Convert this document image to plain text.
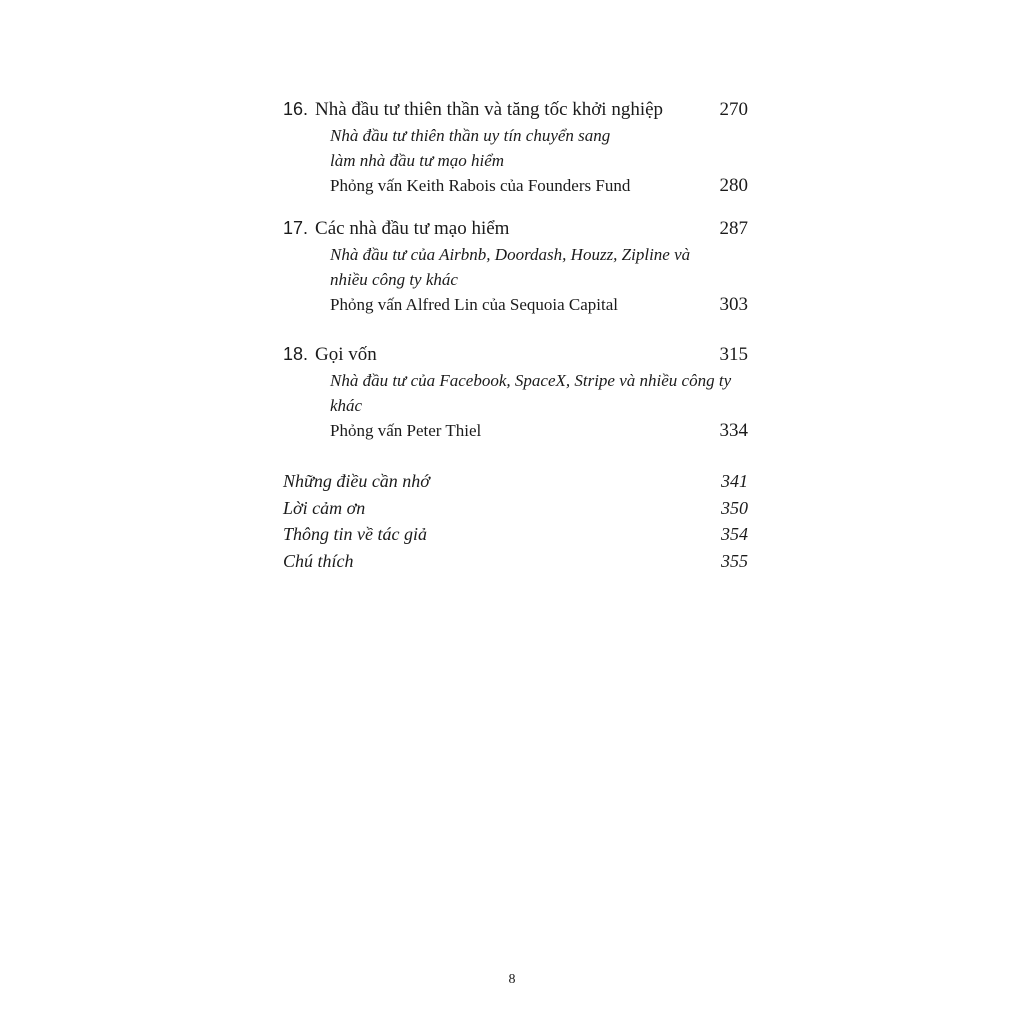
16. Nhà đầu tư thiên thần và tăng tốc khởi nghiệp	270
Nhà đầu tư thiên thần uy tín chuyển sang
làm nhà đầu tư mạo hiểm
Phỏng vấn Keith Rabois của Founders Fund	280
17. Các nhà đầu tư mạo hiểm	287
Nhà đầu tư của Airbnb, Doordash, Houzz, Zipline và
nhiều công ty khác
Phỏng vấn Alfred Lin của Sequoia Capital	303
18. Gọi vốn	315
Nhà đầu tư của Facebook, SpaceX, Stripe và nhiều công ty khác
Phỏng vấn Peter Thiel	334
Những điều cần nhớ	341
Lời cảm ơn	350
Thông tin về tác giả	354
Chú thích	355
8
